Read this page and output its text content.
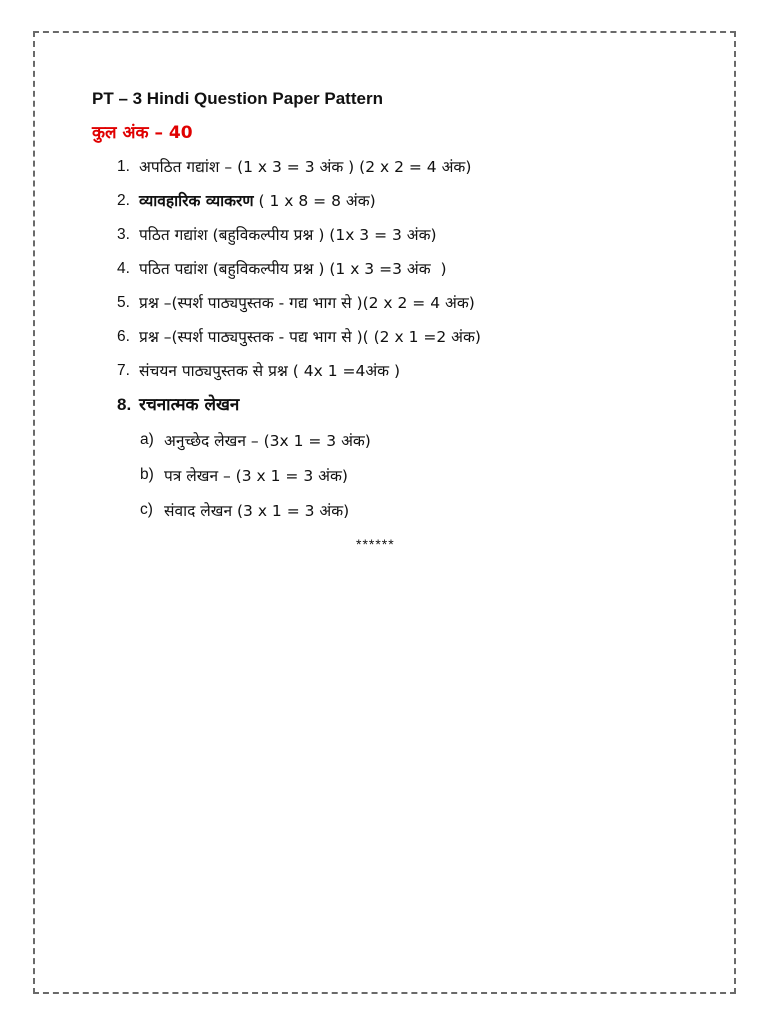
PT – 3 Hindi Question Paper Pattern

कुल अंक – 40

1. अपठित गद्यांश – (1 x 3 = 3 अंक ) (2 x 2 = 4 अंक)
2. व्यावहारिक व्याकरण ( 1 x 8 = 8 अंक)
3. पठित गद्यांश (बहुविकल्पीय प्रश्न ) (1x 3 = 3 अंक)
4. पठित पद्यांश (बहुविकल्पीय प्रश्न ) (1 x 3 =3 अंक  )
5. प्रश्न –(स्पर्श पाठ्यपुस्तक - गद्य भाग से )(2 x 2 = 4 अंक)
6. प्रश्न –(स्पर्श पाठ्यपुस्तक - पद्य भाग से )( (2 x 1 =2 अंक)
7. संचयन पाठ्यपुस्तक से प्रश्न ( 4x 1 =4अंक )
8. रचनात्मक लेखन
a) अनुच्छेद लेखन – (3x 1 = 3 अंक)
b) पत्र लेखन – (3 x 1 = 3 अंक)
c) संवाद लेखन (3 x 1 = 3 अंक)
******
